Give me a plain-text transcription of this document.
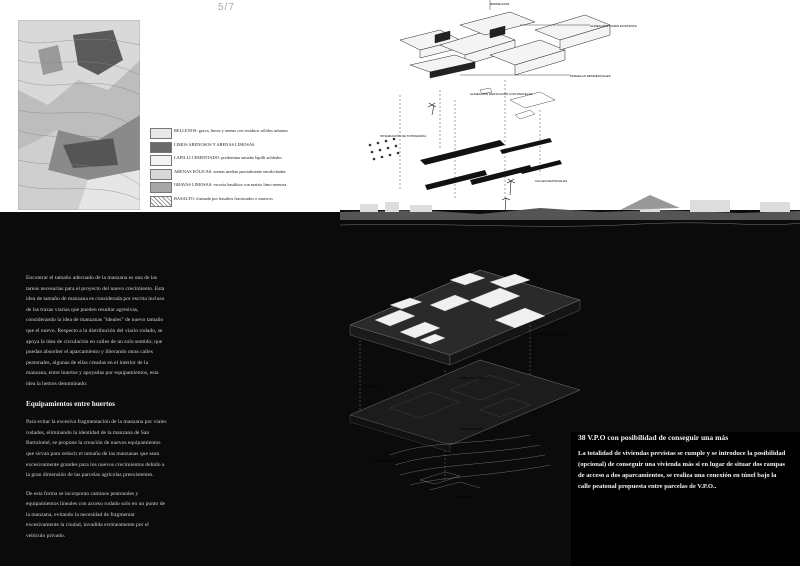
5/7
RELLENOS: grava, limos y arenas con residuos sólidos urbanos
LIMOS ARENOSOS Y ARENAS LIMOSAS
LAPILLI CEMENTADO: predomina tamaño lapilli soldados
ARENAS EÓLICAS: arenas medias parcialmente encalichadas
GRAVAS LIMOSAS: escoria basáltica con matriz limo-arenosa
BASALTO: formado por basaltos fracturados o masivos
BORDE ESTE
ALINEACIÓN VIARIO EXISTENTE
PARCELAS RESIDENCIALES
ALINEACIÓN EDIFICACIÓN CON PARCELAS
INTEGRACIÓN DE TOPOGRAFÍA
CALLES PEATONALES
USO RESIDENCIAL DE VIVIENDAS
ESPACIOS LIBRES
EQUIPAMIENTOS
APARCAMIENTO
TOPOGRAFÍA EXISTENTE
BARRANCO

Encontrar el tamaño adecuado de la manzana es una de las tareas necesarias para el proyecto del nuevo crecimiento. Esta idea de tamaño de manzana es considerada por escrita incluso de las trazas viarias que pueden resultar agresivas, considerando la idea de manzanas "ideales" de nuevo tamaño que el nuevo. Respecto a la distribución del viario rodado, se apoya la idea de circulación en calles de un solo sentido; que puedan absorber el aparcamiento y liberando otras calles peatonales, algunas de ellas creadas en el interior de la manzana, entre huertos y apoyadas por equipamientos, esta idea la hemos denominado:

Equipamientos entre huertos

Para evitar la excesiva fragmentación de la manzana por viales rodados, eliminando la identidad de la manzana de San Bartolomé, se propone la creación de nuevos equipamientos que sirvan para reducir el tamaño de las manzanas que sean excesivamente grandes para los nuevos crecimientos debido a la gran dimensión de las parcelas agrícolas preexistentes.

De esta forma se incorporan caminos peatonales y equipamientos lineales con acceso rodado solo en un punto de la manzana, evitando la necesidad de fragmentar excesivamente la ciudad, invadida erróneamente por el vehículo privado.

38 V.P.O con posibilidad de conseguir una más
La totalidad de viviendas previstas se cumple y se introduce la posibilidad (opcional) de conseguir una vivienda más si en lugar de situar dos rampas de acceso a dos aparcamientos, se realiza una conexión en túnel bajo la calle peatonal propuesta entre parcelas de V.P.O..
